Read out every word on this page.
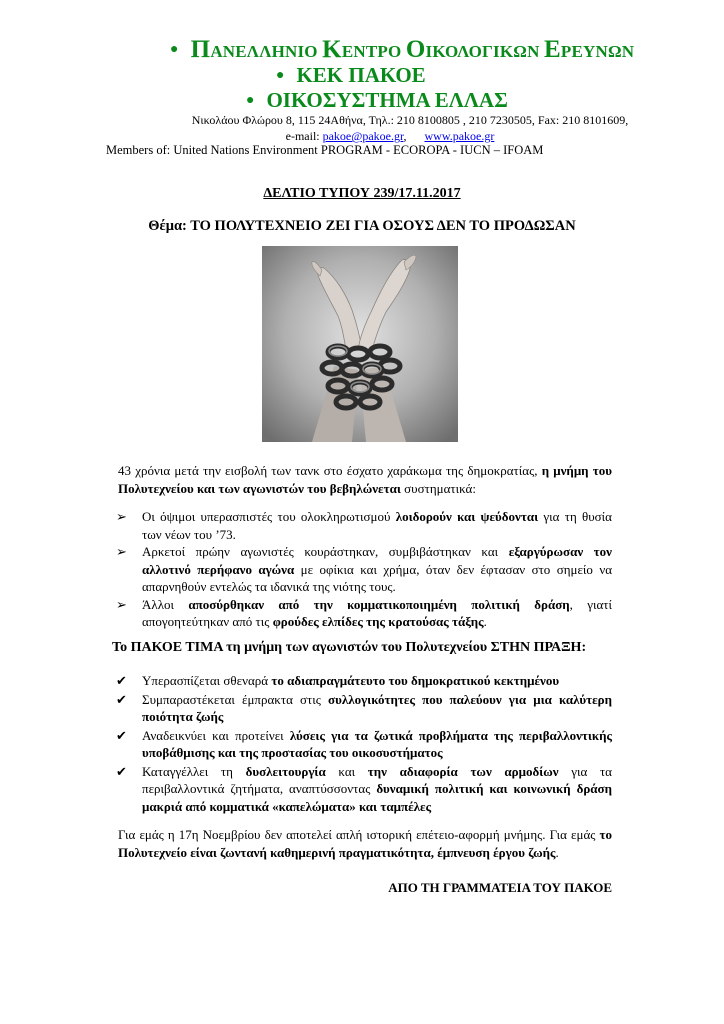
● ΠΑΝΕΛΛΗΝΙΟ ΚΕΝΤΡΟ ΟΙΚΟΛΟΓΙΚΩΝ ΕΡΕΥΝΩΝ
● ΚΕΚ ΠΑΚΟΕ
● ΟΙΚΟΣΥΣΤΗΜΑ ΕΛΛΑΣ
Νικολάου Φλώρου 8, 115 24Αθήνα, Τηλ.: 210 8100805 , 210 7230505, Fax: 210 8101609,
e-mail: pakoe@pakoe.gr, www.pakoe.gr
Members of: United Nations Environment PROGRAM - ECOROPA - IUCN – IFOAM
ΔΕΛΤΙΟ ΤΥΠΟΥ 239/17.11.2017
Θέμα: ΤΟ ΠΟΛΥΤΕΧΝΕΙΟ ΖΕΙ ΓΙΑ ΟΣΟΥΣ ΔΕΝ ΤΟ ΠΡΟΔΩΣΑΝ
43 χρόνια μετά την εισβολή των τανκ στο έσχατο χαράκωμα της δημοκρατίας, η μνήμη του Πολυτεχνείου και των αγωνιστών του βεβηλώνεται συστηματικά:
➢ Οι όψιμοι υπερασπιστές του ολοκληρωτισμού λοιδορούν και ψεύδονται για τη θυσία των νέων του ’73.
➢ Αρκετοί πρώην αγωνιστές κουράστηκαν, συμβιβάστηκαν και εξαργύρωσαν τον αλλοτινό περήφανο αγώνα με οφίκια και χρήμα, όταν δεν έφτασαν στο σημείο να απαρνηθούν εντελώς τα ιδανικά της νιότης τους.
➢ Άλλοι αποσύρθηκαν από την κομματικοποιημένη πολιτική δράση, γιατί απογοητεύτηκαν από τις φρούδες ελπίδες της κρατούσας τάξης.
Το ΠΑΚΟΕ ΤΙΜΑ τη μνήμη των αγωνιστών του Πολυτεχνείου ΣΤΗΝ ΠΡΑΞΗ:
✔ Υπερασπίζεται σθεναρά το αδιαπραγμάτευτο του δημοκρατικού κεκτημένου
✔ Συμπαραστέκεται έμπρακτα στις συλλογικότητες που παλεύουν για μια καλύτερη ποιότητα ζωής
✔ Αναδεικνύει και προτείνει λύσεις για τα ζωτικά προβλήματα της περιβαλλοντικής υποβάθμισης και της προστασίας του οικοσυστήματος
✔ Καταγγέλλει τη δυσλειτουργία και την αδιαφορία των αρμοδίων για τα περιβαλλοντικά ζητήματα, αναπτύσσοντας δυναμική πολιτική και κοινωνική δράση μακριά από κομματικά «καπελώματα» και ταμπέλες
Για εμάς η 17η Νοεμβρίου δεν αποτελεί απλή ιστορική επέτειο-αφορμή μνήμης. Για εμάς το Πολυτεχνείο είναι ζωντανή καθημερινή πραγματικότητα, έμπνευση έργου ζωής.
ΑΠΟ ΤΗ ΓΡΑΜΜΑΤΕΙΑ ΤΟΥ ΠΑΚΟΕ
